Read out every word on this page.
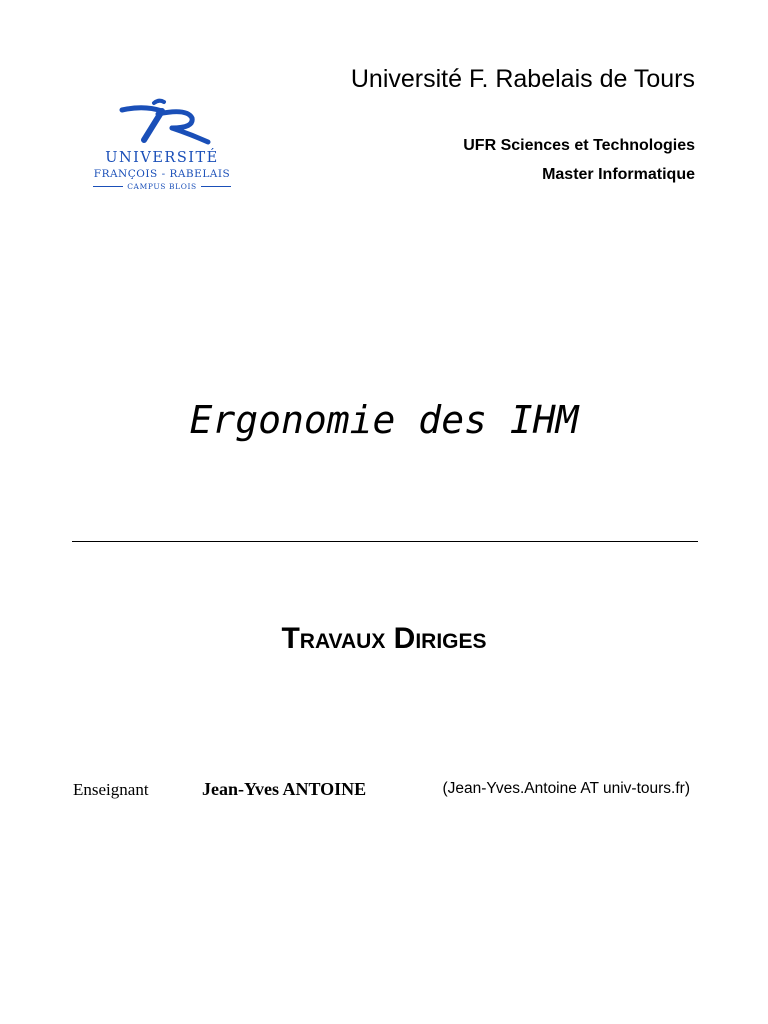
UNIVERSITÉ
FRANÇOIS - RABELAIS
CAMPUS BLOIS
Université F. Rabelais de Tours
UFR Sciences et Technologies
Master Informatique
Ergonomie des IHM
Travaux Diriges
Enseignant	Jean-Yves ANTOINE	(Jean-Yves.Antoine AT univ-tours.fr)
